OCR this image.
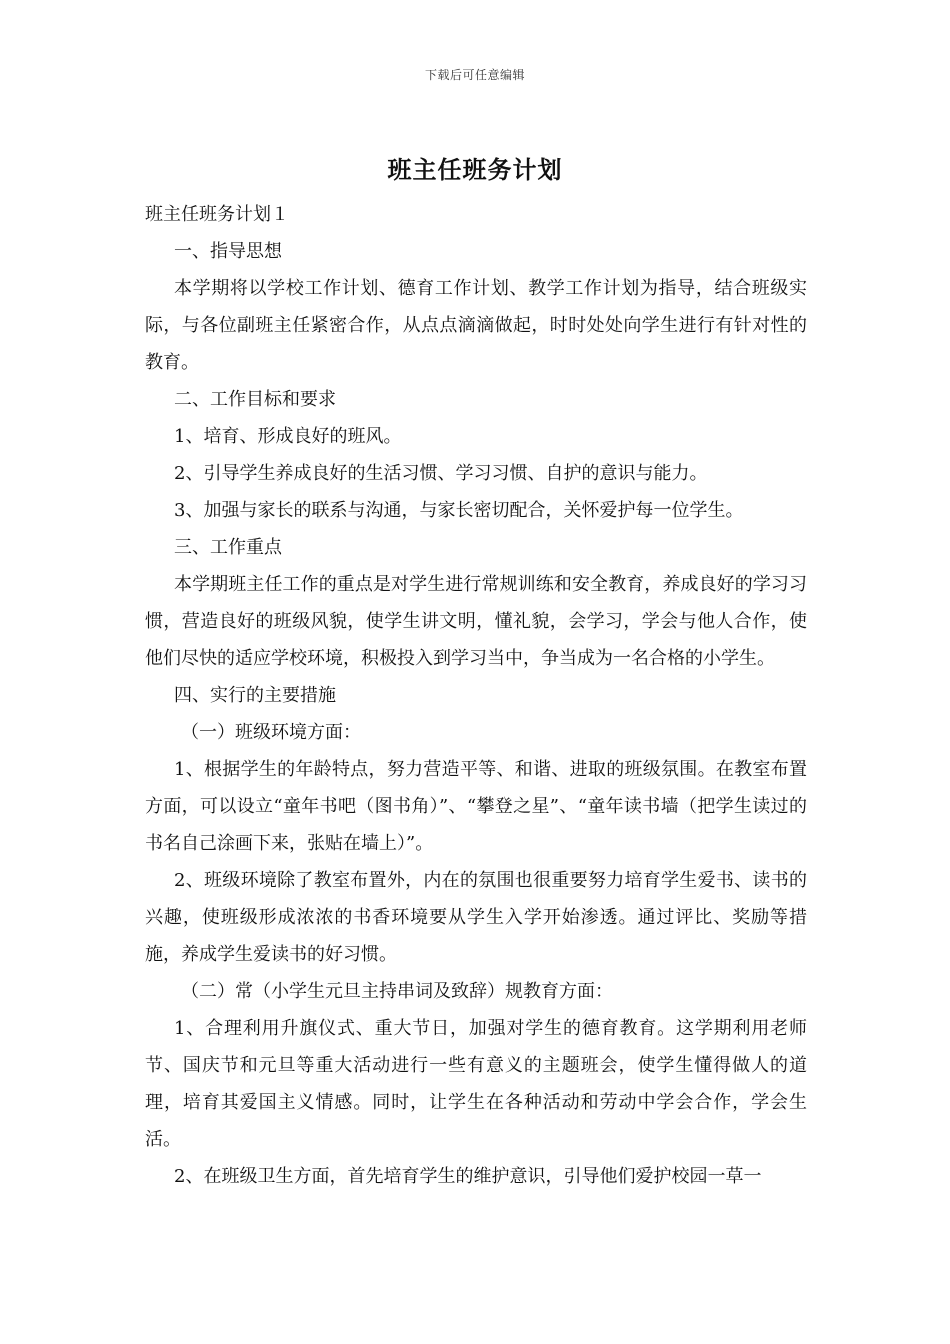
下载后可任意编辑
班主任班务计划

班主任班务计划１

一、指导思想

本学期将以学校工作计划、德育工作计划、教学工作计划为指导，结合班级实际，与各位副班主任紧密合作，从点点滴滴做起，时时处处向学生进行有针对性的教育。

二、工作目标和要求

1、培育、形成良好的班风。

2、引导学生养成良好的生活习惯、学习习惯、自护的意识与能力。

3、加强与家长的联系与沟通，与家长密切配合，关怀爱护每一位学生。

三、工作重点

本学期班主任工作的重点是对学生进行常规训练和安全教育，养成良好的学习习惯，营造良好的班级风貌，使学生讲文明，懂礼貌，会学习，学会与他人合作，使他们尽快的适应学校环境，积极投入到学习当中，争当成为一名合格的小学生。

四、实行的主要措施

（一）班级环境方面：

1、根据学生的年龄特点，努力营造平等、和谐、进取的班级氛围。在教室布置方面，可以设立“童年书吧（图书角）”、“攀登之星”、“童年读书墙（把学生读过的书名自己涂画下来，张贴在墙上）”。

2、班级环境除了教室布置外，内在的氛围也很重要努力培育学生爱书、读书的兴趣，使班级形成浓浓的书香环境要从学生入学开始渗透。通过评比、奖励等措施，养成学生爱读书的好习惯。

（二）常（小学生元旦主持串词及致辞）规教育方面：

1、合理利用升旗仪式、重大节日，加强对学生的德育教育。这学期利用老师节、国庆节和元旦等重大活动进行一些有意义的主题班会，使学生懂得做人的道理，培育其爱国主义情感。同时，让学生在各种活动和劳动中学会合作，学会生活。

2、在班级卫生方面，首先培育学生的维护意识，引导他们爱护校园一草一
